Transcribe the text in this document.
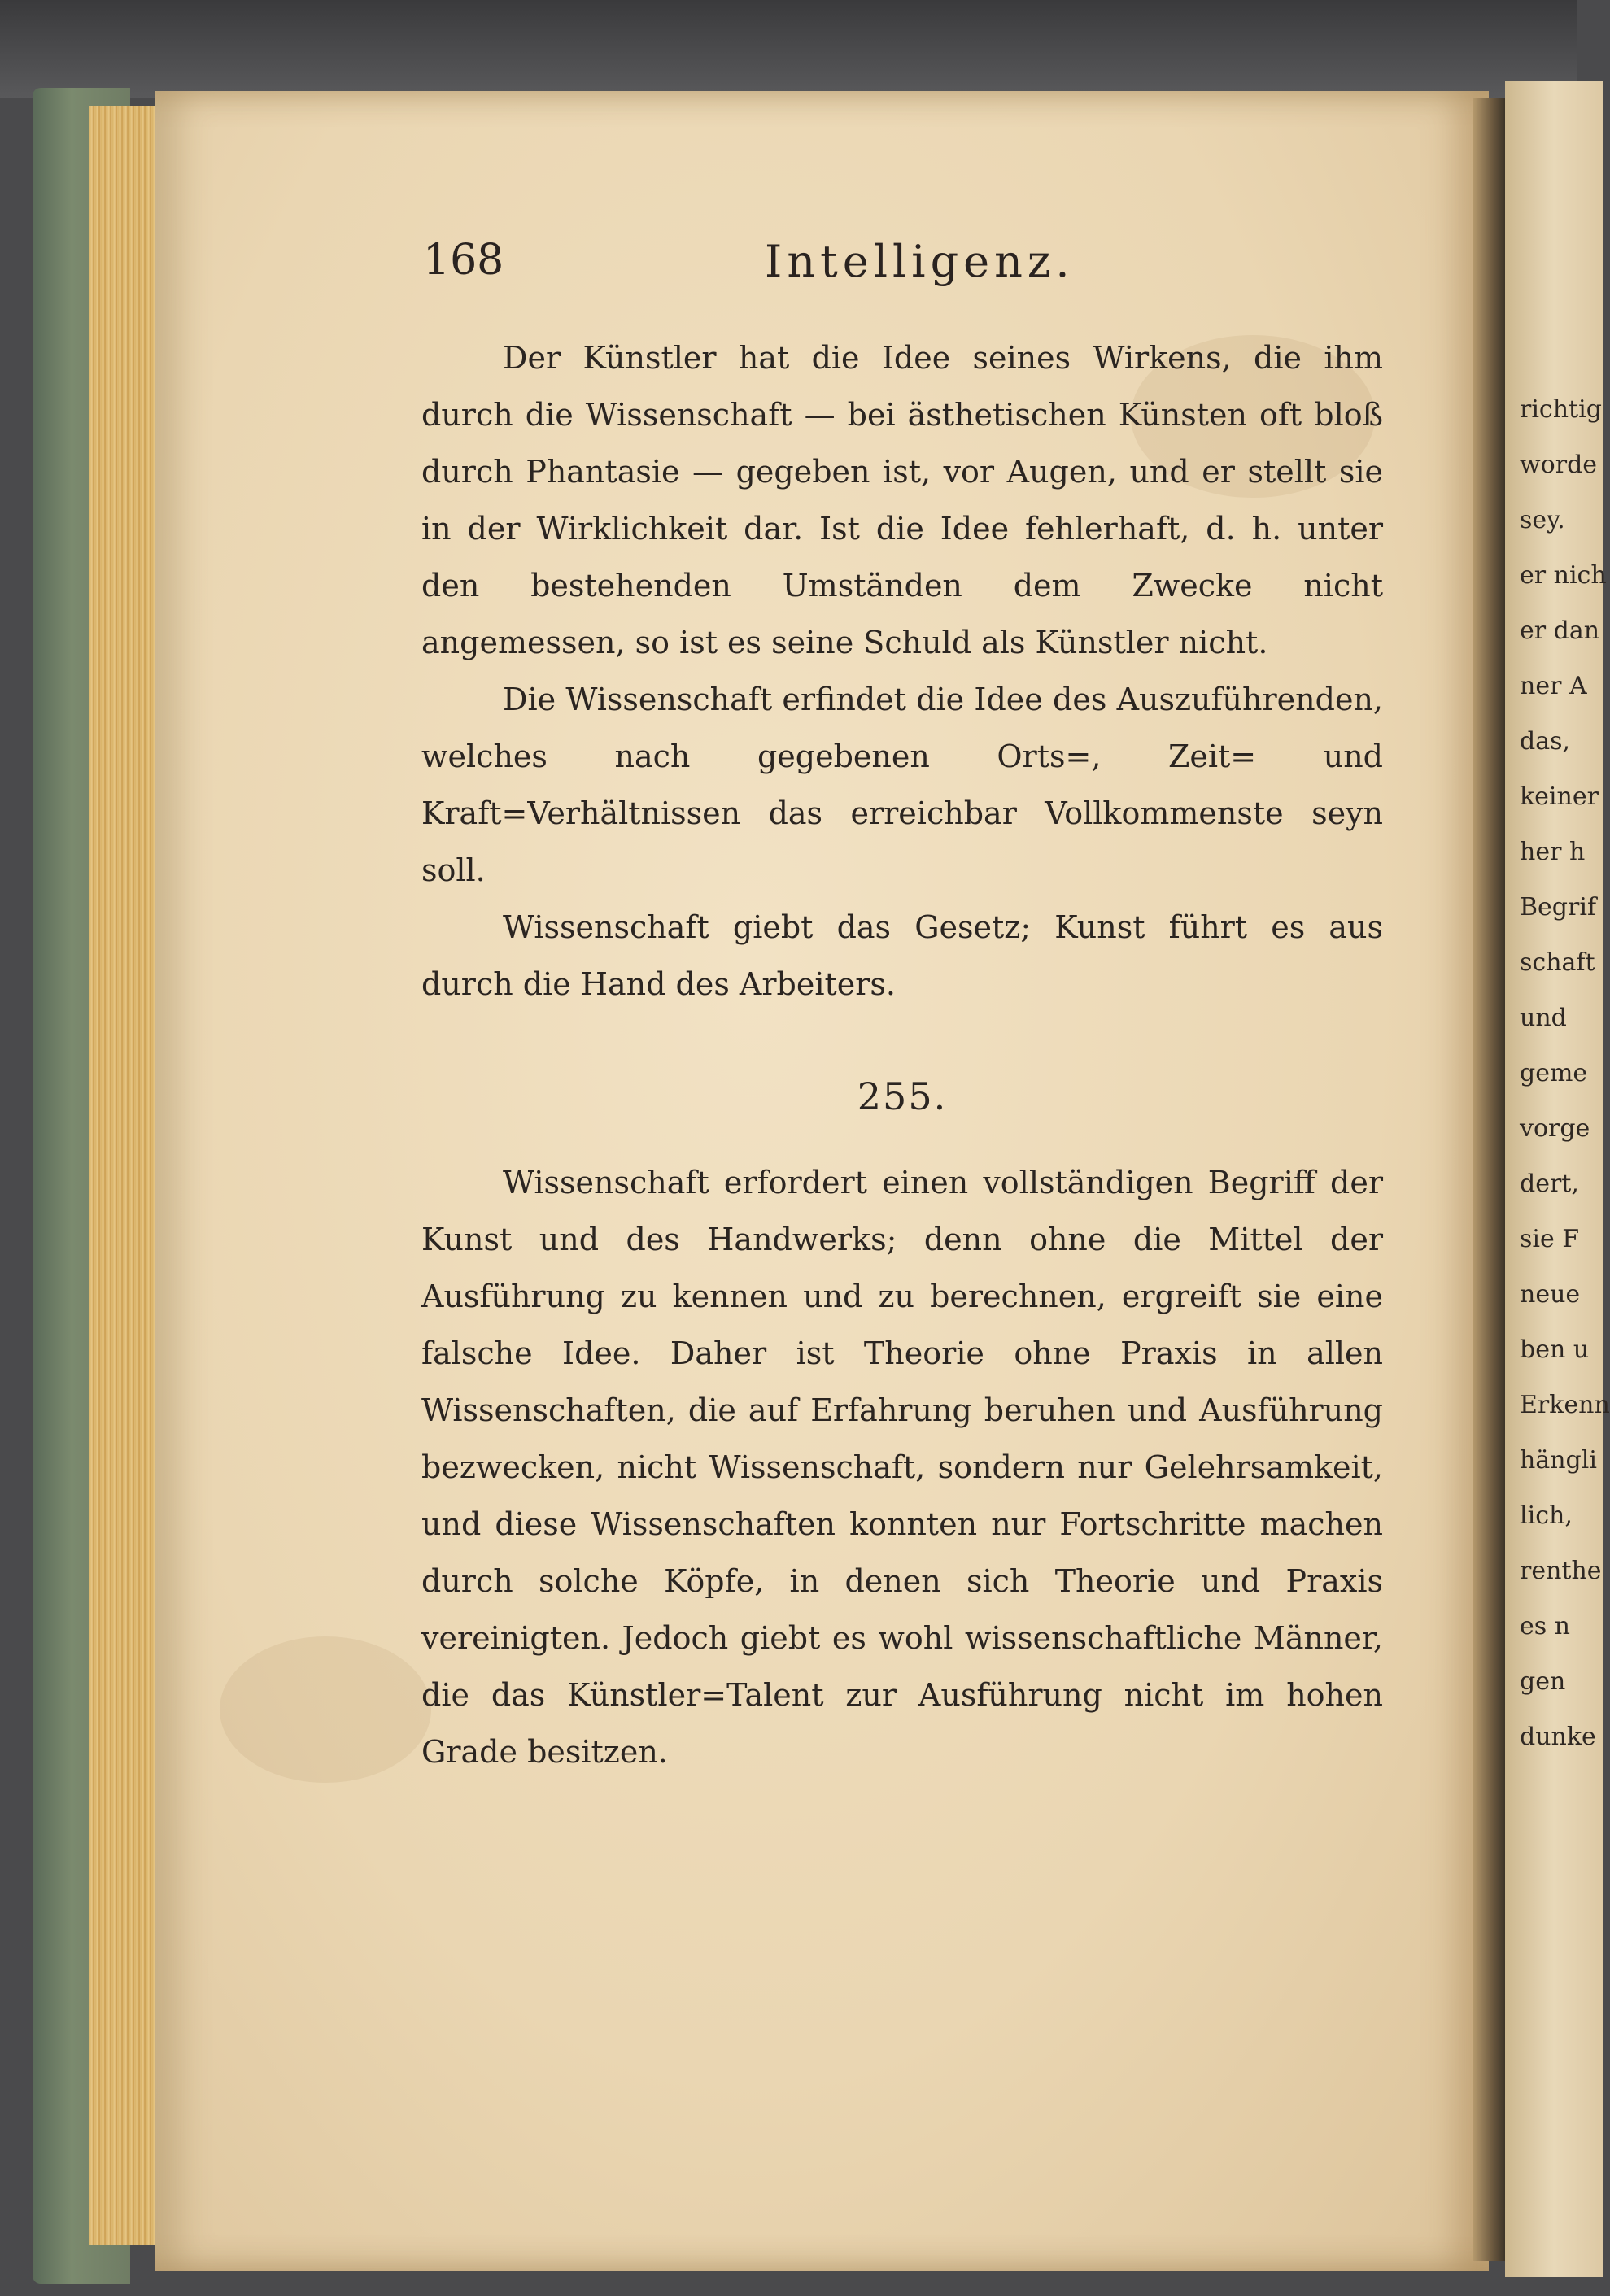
168	Intelligenz.

Der Künstler hat die Idee seines Wirkens, die ihm durch die Wissenschaft — bei ästhetischen Künsten oft bloß durch Phantasie — gegeben ist, vor Augen, und er stellt sie in der Wirklichkeit dar. Ist die Idee fehlerhaft, d. h. unter den bestehenden Umständen dem Zwecke nicht angemessen, so ist es seine Schuld als Künstler nicht.

Die Wissenschaft erfindet die Idee des Auszuführenden, welches nach gegebenen Orts=, Zeit= und Kraft=Verhältnissen das erreichbar Vollkommenste seyn soll.

Wissenschaft giebt das Gesetz; Kunst führt es aus durch die Hand des Arbeiters.

255.

Wissenschaft erfordert einen vollständigen Begriff der Kunst und des Handwerks; denn ohne die Mittel der Ausführung zu kennen und zu berechnen, ergreift sie eine falsche Idee. Daher ist Theorie ohne Praxis in allen Wissenschaften, die auf Erfahrung beruhen und Ausführung bezwecken, nicht Wissenschaft, sondern nur Gelehrsamkeit, und diese Wissenschaften konnten nur Fortschritte machen durch solche Köpfe, in denen sich Theorie und Praxis vereinigten. Jedoch giebt es wohl wissenschaftliche Männer, die das Künstler=Talent zur Ausführung nicht im hohen Grade besitzen.

richtig
worde
sey.
er nich
er dan
ner A
das,
keiner
her h
Begrif
schaft
und
geme
vorge
dert,
sie F
neue
ben u
Erkenn
hängli
lich,
renthe
es n
gen
dunke
